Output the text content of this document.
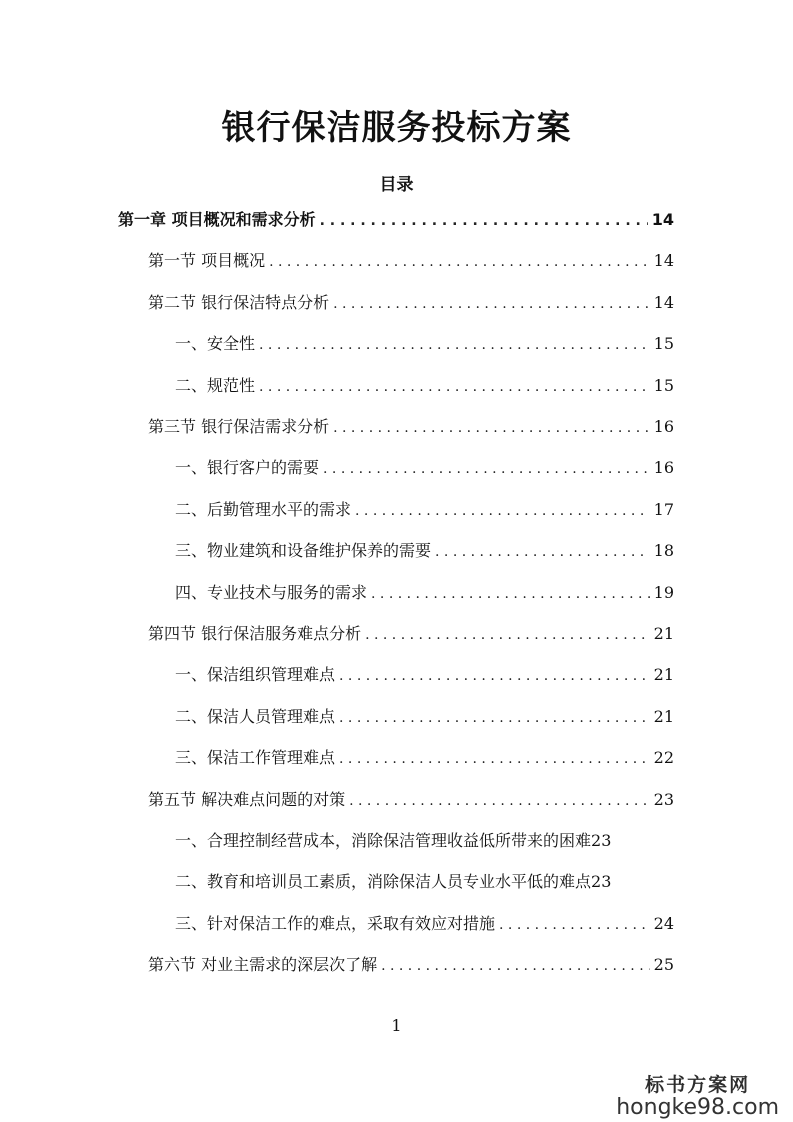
银行保洁服务投标方案
目录
第一章 项目概况和需求分析 . . .	14
第一节 项目概况 . . .	14
第二节 银行保洁特点分析 . . .	14
一、安全性 . . .	15
二、规范性 . . .	15
第三节 银行保洁需求分析 . . .	16
一、银行客户的需要 . . .	16
二、后勤管理水平的需求 . . .	17
三、物业建筑和设备维护保养的需要 . . .	18
四、专业技术与服务的需求 . . .	19
第四节 银行保洁服务难点分析 . . .	21
一、保洁组织管理难点 . . .	21
二、保洁人员管理难点 . . .	21
三、保洁工作管理难点 . . .	22
第五节 解决难点问题的对策 . . .	23
一、合理控制经营成本，消除保洁管理收益低所带来的困难 23
二、教育和培训员工素质，消除保洁人员专业水平低的难点 23
三、针对保洁工作的难点，采取有效应对措施 . . .	24
第六节 对业主需求的深层次了解 . . .	25
1
标书方案网
hongke98.com
